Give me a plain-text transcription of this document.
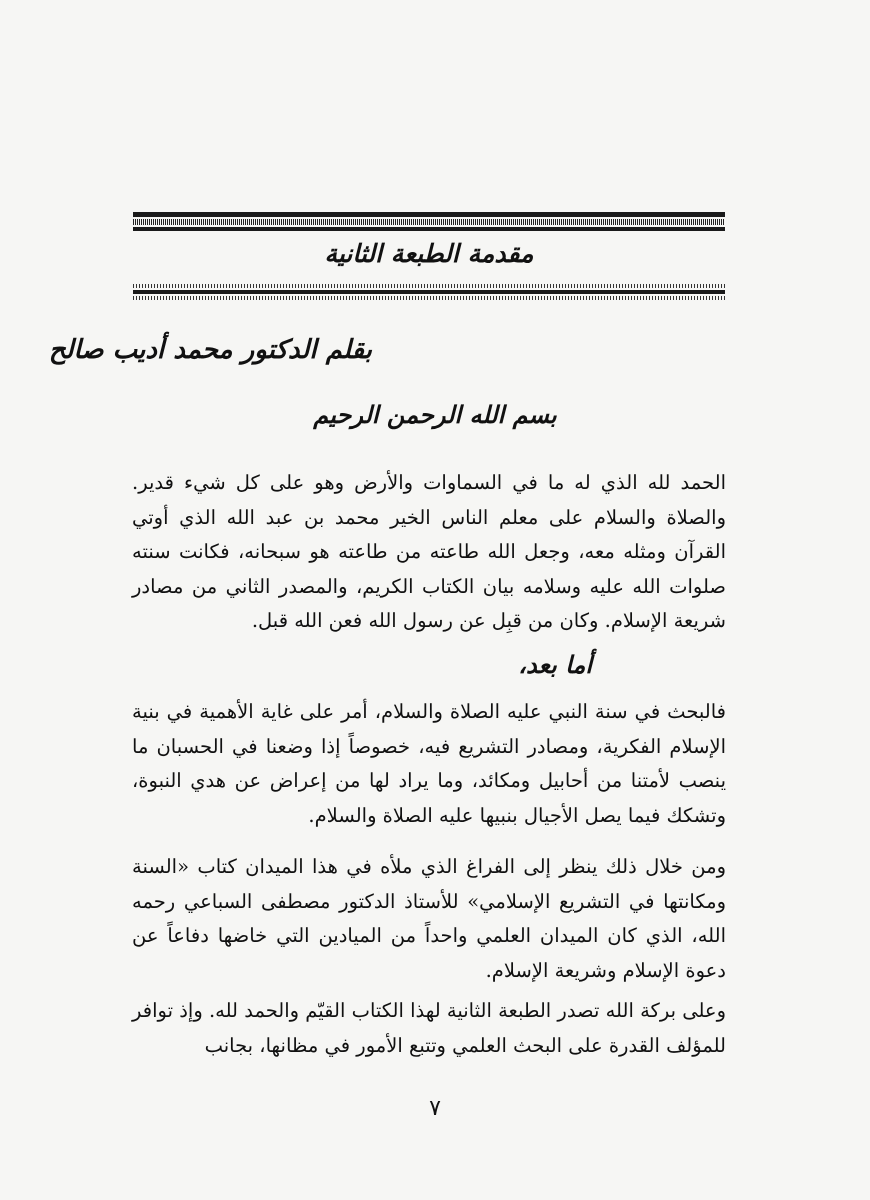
مقدمة الطبعة الثانية
بقلم الدكتور محمد أديب صالح
بسم الله الرحمن الرحيم

الحمد لله الذي له ما في السماوات والأرض وهو على كل شيء قدير. والصلاة والسلام على معلم الناس الخير محمد بن عبد الله الذي أوتي القرآن ومثله معه، وجعل الله طاعته من طاعته هو سبحانه، فكانت سنته صلوات الله عليه وسلامه بيان الكتاب الكريم، والمصدر الثاني من مصادر شريعة الإسلام. وكان من قبِل عن رسول الله فعن الله قبل.

أما بعد،

فالبحث في سنة النبي عليه الصلاة والسلام، أمر على غاية الأهمية في بنية الإسلام الفكرية، ومصادر التشريع فيه، خصوصاً إذا وضعنا في الحسبان ما ينصب لأمتنا من أحابيل ومكائد، وما يراد لها من إعراض عن هدي النبوة، وتشكك فيما يصل الأجيال بنبيها عليه الصلاة والسلام.

ومن خلال ذلك ينظر إلى الفراغ الذي ملأه في هذا الميدان كتاب «السنة ومكانتها في التشريع الإسلامي» للأستاذ الدكتور مصطفى السباعي رحمه الله، الذي كان الميدان العلمي واحداً من الميادين التي خاضها دفاعاً عن دعوة الإسلام وشريعة الإسلام.

وعلى بركة الله تصدر الطبعة الثانية لهذا الكتاب القيّم والحمد لله. وإذ توافر للمؤلف القدرة على البحث العلمي وتتبع الأمور في مظانها، بجانب

٧
